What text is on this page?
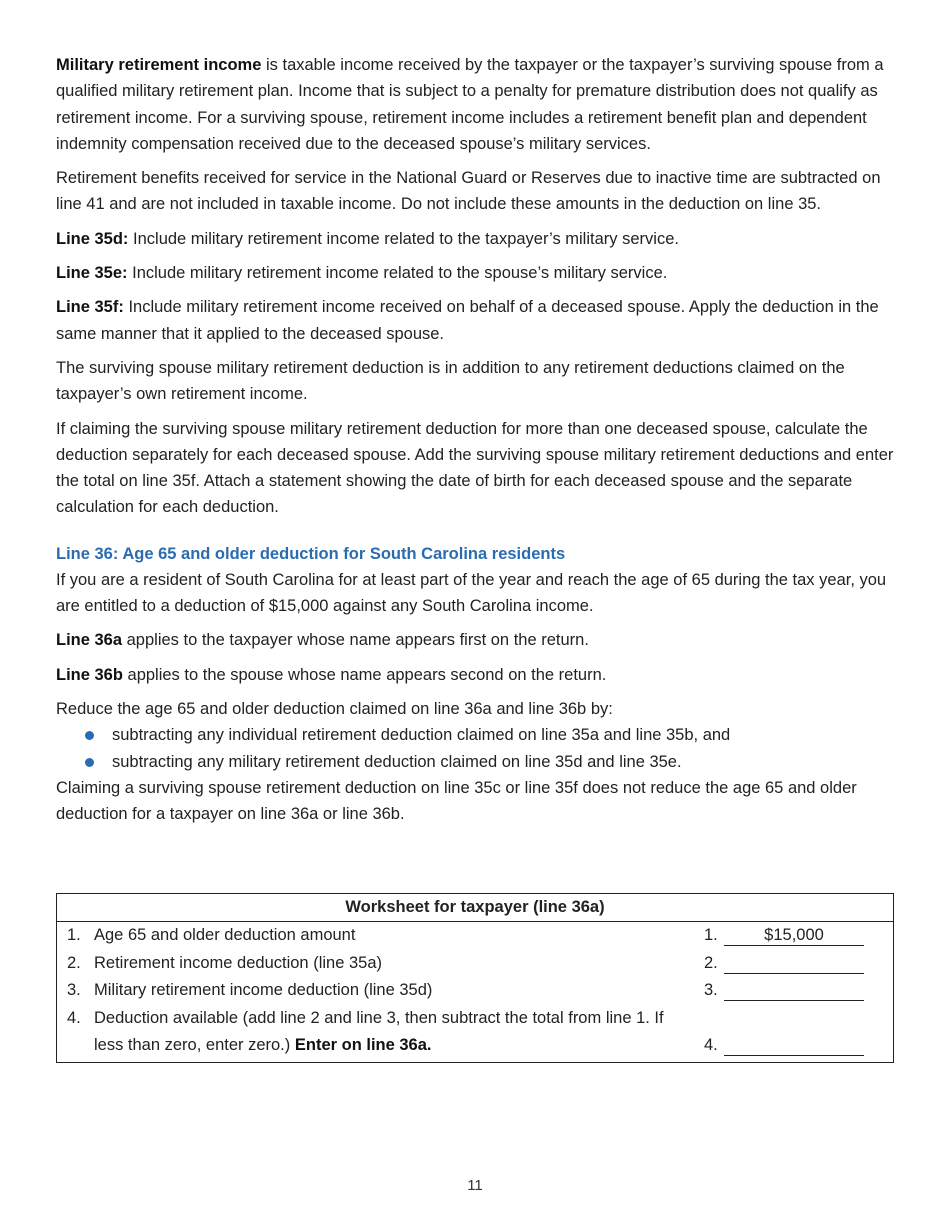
Military retirement income is taxable income received by the taxpayer or the taxpayer’s surviving spouse from a qualified military retirement plan. Income that is subject to a penalty for premature distribution does not qualify as retirement income. For a surviving spouse, retirement income includes a retirement benefit plan and dependent indemnity compensation received due to the deceased spouse’s military services.

Retirement benefits received for service in the National Guard or Reserves due to inactive time are subtracted on line 41 and are not included in taxable income. Do not include these amounts in the deduction on line 35.

Line 35d: Include military retirement income related to the taxpayer’s military service.

Line 35e: Include military retirement income related to the spouse’s military service.

Line 35f: Include military retirement income received on behalf of a deceased spouse. Apply the deduction in the same manner that it applied to the deceased spouse.

The surviving spouse military retirement deduction is in addition to any retirement deductions claimed on the taxpayer’s own retirement income.

If claiming the surviving spouse military retirement deduction for more than one deceased spouse, calculate the deduction separately for each deceased spouse. Add the surviving spouse military retirement deductions and enter the total on line 35f. Attach a statement showing the date of birth for each deceased spouse and the separate calculation for each deduction.

Line 36: Age 65 and older deduction for South Carolina residents

If you are a resident of South Carolina for at least part of the year and reach the age of 65 during the tax year, you are entitled to a deduction of $15,000 against any South Carolina income.

Line 36a applies to the taxpayer whose name appears first on the return.

Line 36b applies to the spouse whose name appears second on the return.

Reduce the age 65 and older deduction claimed on line 36a and line 36b by:

subtracting any individual retirement deduction claimed on line 35a and line 35b, and
subtracting any military retirement deduction claimed on line 35d and line 35e.

Claiming a surviving spouse retirement deduction on line 35c or line 35f does not reduce the age 65 and older deduction for a taxpayer on line 36a or line 36b.

Worksheet for taxpayer (line 36a)
1. Age 65 and older deduction amount	1.	$15,000
2. Retirement income deduction (line 35a)	2.
3. Military retirement income deduction (line 35d)	3.
4. Deduction available (add line 2 and line 3, then subtract the total from line 1. If less than zero, enter zero.) Enter on line 36a.	4.
11
